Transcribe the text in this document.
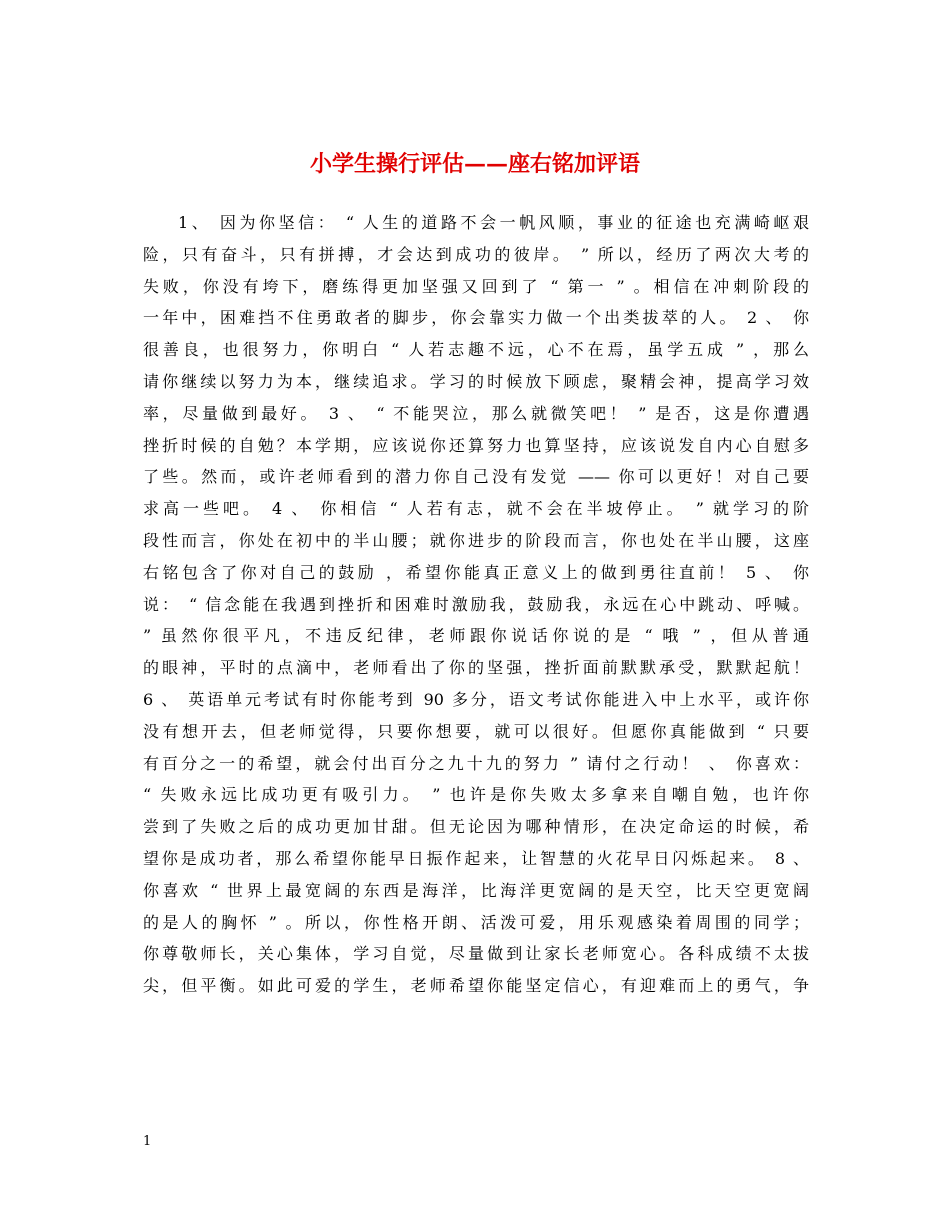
小学生操行评估——座右铭加评语
1、 因为你坚信： “ 人生的道路不会一帆风顺，事业的征途也充满崎岖艰
险，只有奋斗，只有拼搏，才会达到成功的彼岸。 ” 所以，经历了两次大考的
失败，你没有垮下，磨练得更加坚强又回到了 “ 第一 ” 。相信在冲刺阶段的
一年中，困难挡不住勇敢者的脚步，你会靠实力做一个出类拔萃的人。 2 、 你
很善良，也很努力，你明白 “ 人若志趣不远，心不在焉，虽学五成 ” ，那么
请你继续以努力为本，继续追求。学习的时候放下顾虑，聚精会神，提高学习效
率，尽量做到最好。 3 、 “ 不能哭泣，那么就微笑吧！ ” 是否，这是你遭遇
挫折时候的自勉？本学期，应该说你还算努力也算坚持，应该说发自内心自慰多
了些。然而，或许老师看到的潜力你自己没有发觉 —— 你可以更好！对自己要
求高一些吧。 4 、 你相信 “ 人若有志，就不会在半坡停止。 ” 就学习的阶
段性而言，你处在初中的半山腰；就你进步的阶段而言，你也处在半山腰，这座
右铭包含了你对自己的鼓励 ，希望你能真正意义上的做到勇往直前！ 5 、 你
说： “ 信念能在我遇到挫折和困难时激励我，鼓励我，永远在心中跳动、呼喊。
” 虽然你很平凡，不违反纪律，老师跟你说话你说的是 “ 哦 ” ，但从普通
的眼神，平时的点滴中，老师看出了你的坚强，挫折面前默默承受，默默起航！
6 、 英语单元考试有时你能考到 90 多分，语文考试你能进入中上水平，或许你
没有想开去，但老师觉得，只要你想要，就可以很好。但愿你真能做到 “ 只要
有百分之一的希望，就会付出百分之九十九的努力 ” 请付之行动！ 、 你喜欢：
“ 失败永远比成功更有吸引力。 ” 也许是你失败太多拿来自嘲自勉，也许你
尝到了失败之后的成功更加甘甜。但无论因为哪种情形，在决定命运的时候，希
望你是成功者，那么希望你能早日振作起来，让智慧的火花早日闪烁起来。 8 、
你喜欢 “ 世界上最宽阔的东西是海洋，比海洋更宽阔的是天空，比天空更宽阔
的是人的胸怀 ” 。所以，你性格开朗、活泼可爱，用乐观感染着周围的同学；
你尊敬师长，关心集体，学习自觉，尽量做到让家长老师宽心。各科成绩不太拔
尖，但平衡。如此可爱的学生，老师希望你能坚定信心，有迎难而上的勇气，争
1
